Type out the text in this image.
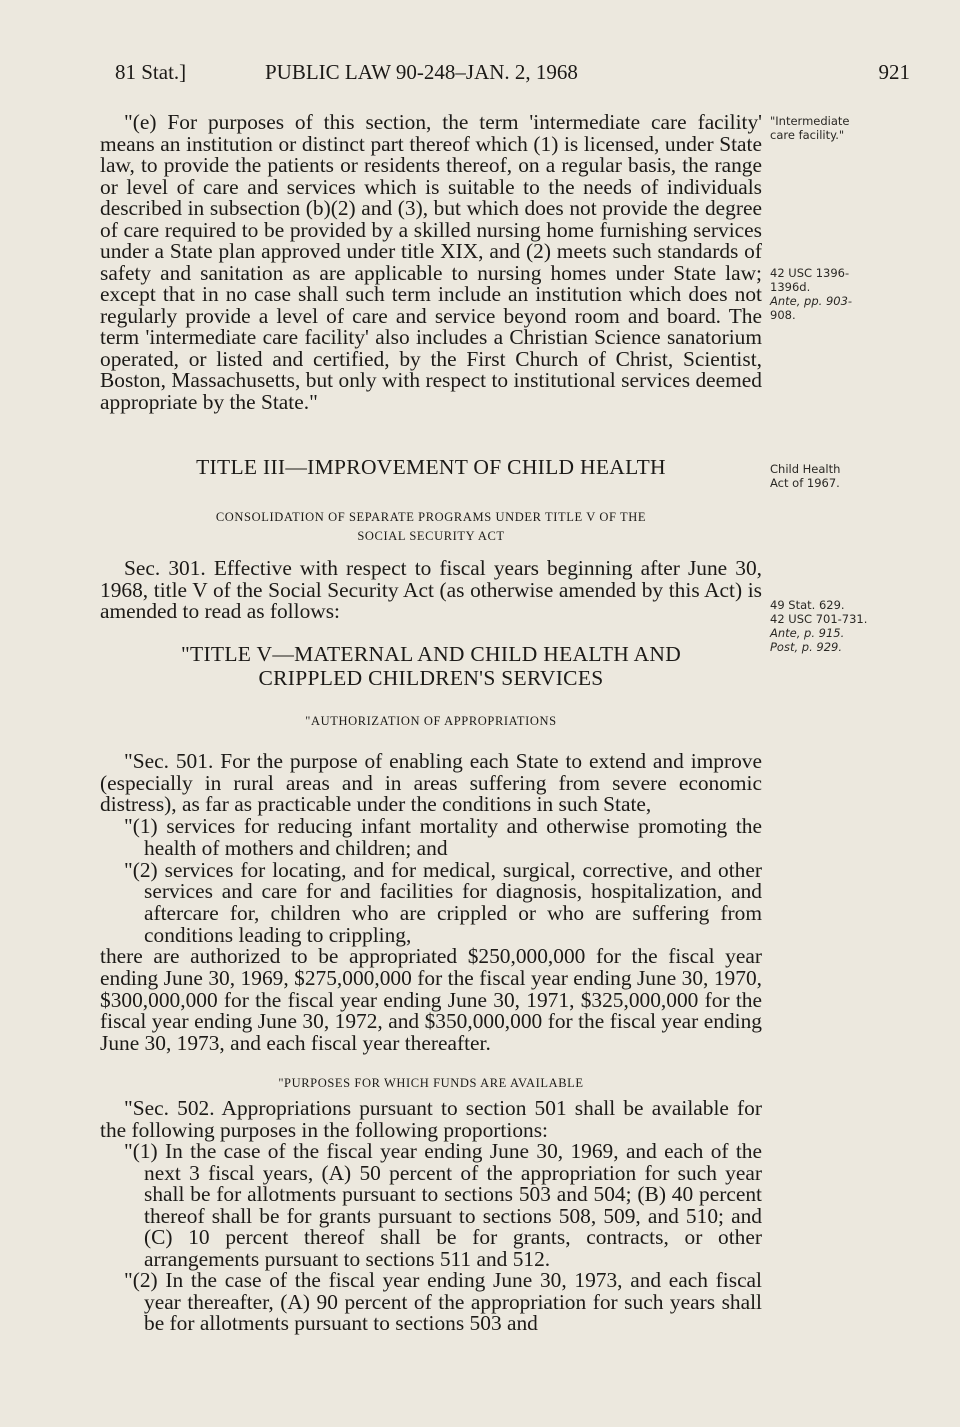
81 Stat.]	PUBLIC LAW 90-248–JAN. 2, 1968	921
"Intermediate
care facility."
42 USC 1396-
1396d.
Ante, pp. 903-
908.
Child Health
Act of 1967.
49 Stat. 629.
42 USC 701-731.
Ante, p. 915.
Post, p. 929.

"(e) For purposes of this section, the term 'intermediate care facility' means an institution or distinct part thereof which (1) is licensed, under State law, to provide the patients or residents thereof, on a regular basis, the range or level of care and services which is suitable to the needs of individuals described in subsection (b)(2) and (3), but which does not provide the degree of care required to be provided by a skilled nursing home furnishing services under a State plan approved under title XIX, and (2) meets such standards of safety and sanitation as are applicable to nursing homes under State law; except that in no case shall such term include an institution which does not regularly provide a level of care and service beyond room and board. The term 'intermediate care facility' also includes a Christian Science sanatorium operated, or listed and certified, by the First Church of Christ, Scientist, Boston, Massachusetts, but only with respect to institutional services deemed appropriate by the State."

TITLE III—IMPROVEMENT OF CHILD HEALTH
CONSOLIDATION OF SEPARATE PROGRAMS UNDER TITLE V OF THE
SOCIAL SECURITY ACT

Sec. 301. Effective with respect to fiscal years beginning after June 30, 1968, title V of the Social Security Act (as otherwise amended by this Act) is amended to read as follows:

"TITLE V—MATERNAL AND CHILD HEALTH AND
CRIPPLED CHILDREN'S SERVICES
"AUTHORIZATION OF APPROPRIATIONS

"Sec. 501. For the purpose of enabling each State to extend and improve (especially in rural areas and in areas suffering from severe economic distress), as far as practicable under the conditions in such State,

"(1) services for reducing infant mortality and otherwise promoting the health of mothers and children; and

"(2) services for locating, and for medical, surgical, corrective, and other services and care for and facilities for diagnosis, hospitalization, and aftercare for, children who are crippled or who are suffering from conditions leading to crippling,

there are authorized to be appropriated $250,000,000 for the fiscal year ending June 30, 1969, $275,000,000 for the fiscal year ending June 30, 1970, $300,000,000 for the fiscal year ending June 30, 1971, $325,000,000 for the fiscal year ending June 30, 1972, and $350,000,000 for the fiscal year ending June 30, 1973, and each fiscal year thereafter.

"PURPOSES FOR WHICH FUNDS ARE AVAILABLE

"Sec. 502. Appropriations pursuant to section 501 shall be available for the following purposes in the following proportions:

"(1) In the case of the fiscal year ending June 30, 1969, and each of the next 3 fiscal years, (A) 50 percent of the appropriation for such year shall be for allotments pursuant to sections 503 and 504; (B) 40 percent thereof shall be for grants pursuant to sections 508, 509, and 510; and (C) 10 percent thereof shall be for grants, contracts, or other arrangements pursuant to sections 511 and 512.

"(2) In the case of the fiscal year ending June 30, 1973, and each fiscal year thereafter, (A) 90 percent of the appropriation for such years shall be for allotments pursuant to sections 503 and
